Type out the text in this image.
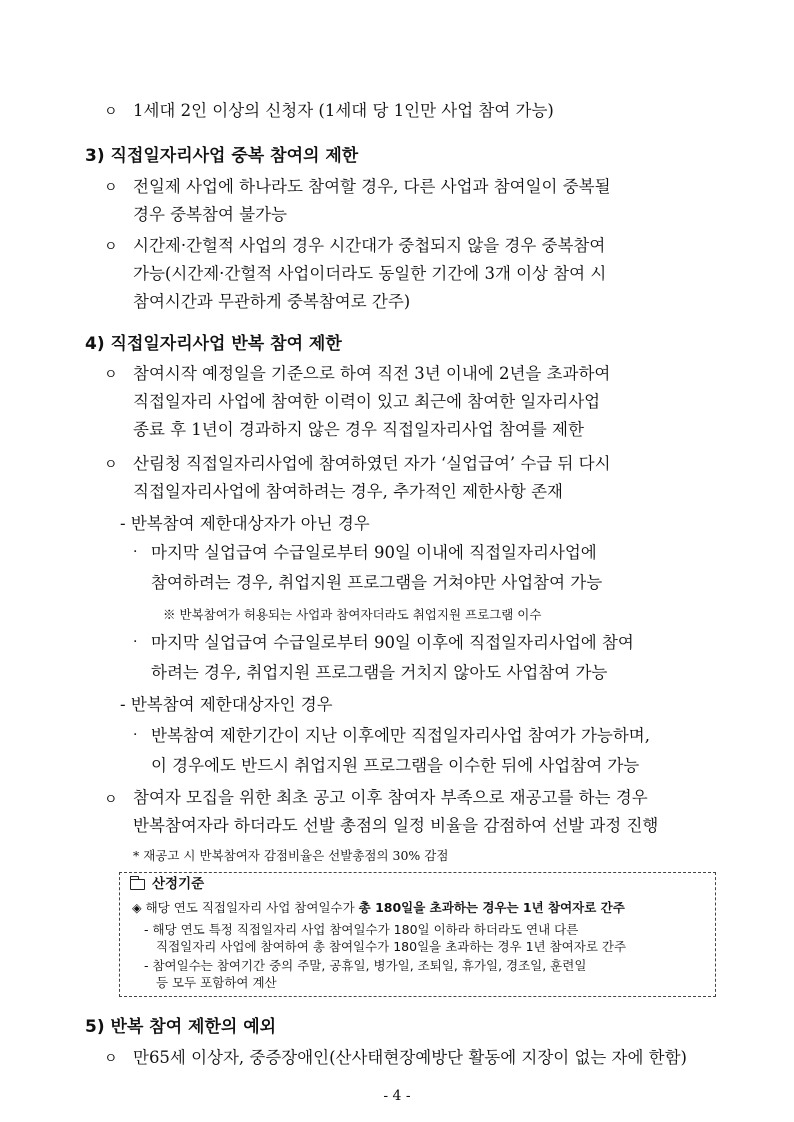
ㅇ 1세대 2인 이상의 신청자 (1세대 당 1인만 사업 참여 가능)
3) 직접일자리사업 중복 참여의 제한
ㅇ 전일제 사업에 하나라도 참여할 경우, 다른 사업과 참여일이 중복될
경우 중복참여 불가능
ㅇ 시간제·간헐적 사업의 경우 시간대가 중첩되지 않을 경우 중복참여
가능(시간제·간헐적 사업이더라도 동일한 기간에 3개 이상 참여 시
참여시간과 무관하게 중복참여로 간주)
4) 직접일자리사업 반복 참여 제한
ㅇ 참여시작 예정일을 기준으로 하여 직전 3년 이내에 2년을 초과하여
직접일자리 사업에 참여한 이력이 있고 최근에 참여한 일자리사업
종료 후 1년이 경과하지 않은 경우 직접일자리사업 참여를 제한
ㅇ 산림청 직접일자리사업에 참여하였던 자가 ‘실업급여’ 수급 뒤 다시
직접일자리사업에 참여하려는 경우, 추가적인 제한사항 존재
- 반복참여 제한대상자가 아닌 경우
· 마지막 실업급여 수급일로부터 90일 이내에 직접일자리사업에
참여하려는 경우, 취업지원 프로그램을 거쳐야만 사업참여 가능
※ 반복참여가 허용되는 사업과 참여자더라도 취업지원 프로그램 이수
· 마지막 실업급여 수급일로부터 90일 이후에 직접일자리사업에 참여
하려는 경우, 취업지원 프로그램을 거치지 않아도 사업참여 가능
- 반복참여 제한대상자인 경우
· 반복참여 제한기간이 지난 이후에만 직접일자리사업 참여가 가능하며,
이 경우에도 반드시 취업지원 프로그램을 이수한 뒤에 사업참여 가능
ㅇ 참여자 모집을 위한 최초 공고 이후 참여자 부족으로 재공고를 하는 경우
반복참여자라 하더라도 선발 총점의 일정 비율을 감점하여 선발 과정 진행
* 재공고 시 반복참여자 감점비율은 선발총점의 30% 감점
산정기준
◈ 해당 연도 직접일자리 사업 참여일수가 총 180일을 초과하는 경우는 1년 참여자로 간주
- 해당 연도 특정 직접일자리 사업 참여일수가 180일 이하라 하더라도 연내 다른
직접일자리 사업에 참여하여 총 참여일수가 180일을 초과하는 경우 1년 참여자로 간주
- 참여일수는 참여기간 중의 주말, 공휴일, 병가일, 조퇴일, 휴가일, 경조일, 훈련일
등 모두 포함하여 계산
5) 반복 참여 제한의 예외
ㅇ 만65세 이상자, 중증장애인(산사태현장예방단 활동에 지장이 없는 자에 한함)
- 4 -
